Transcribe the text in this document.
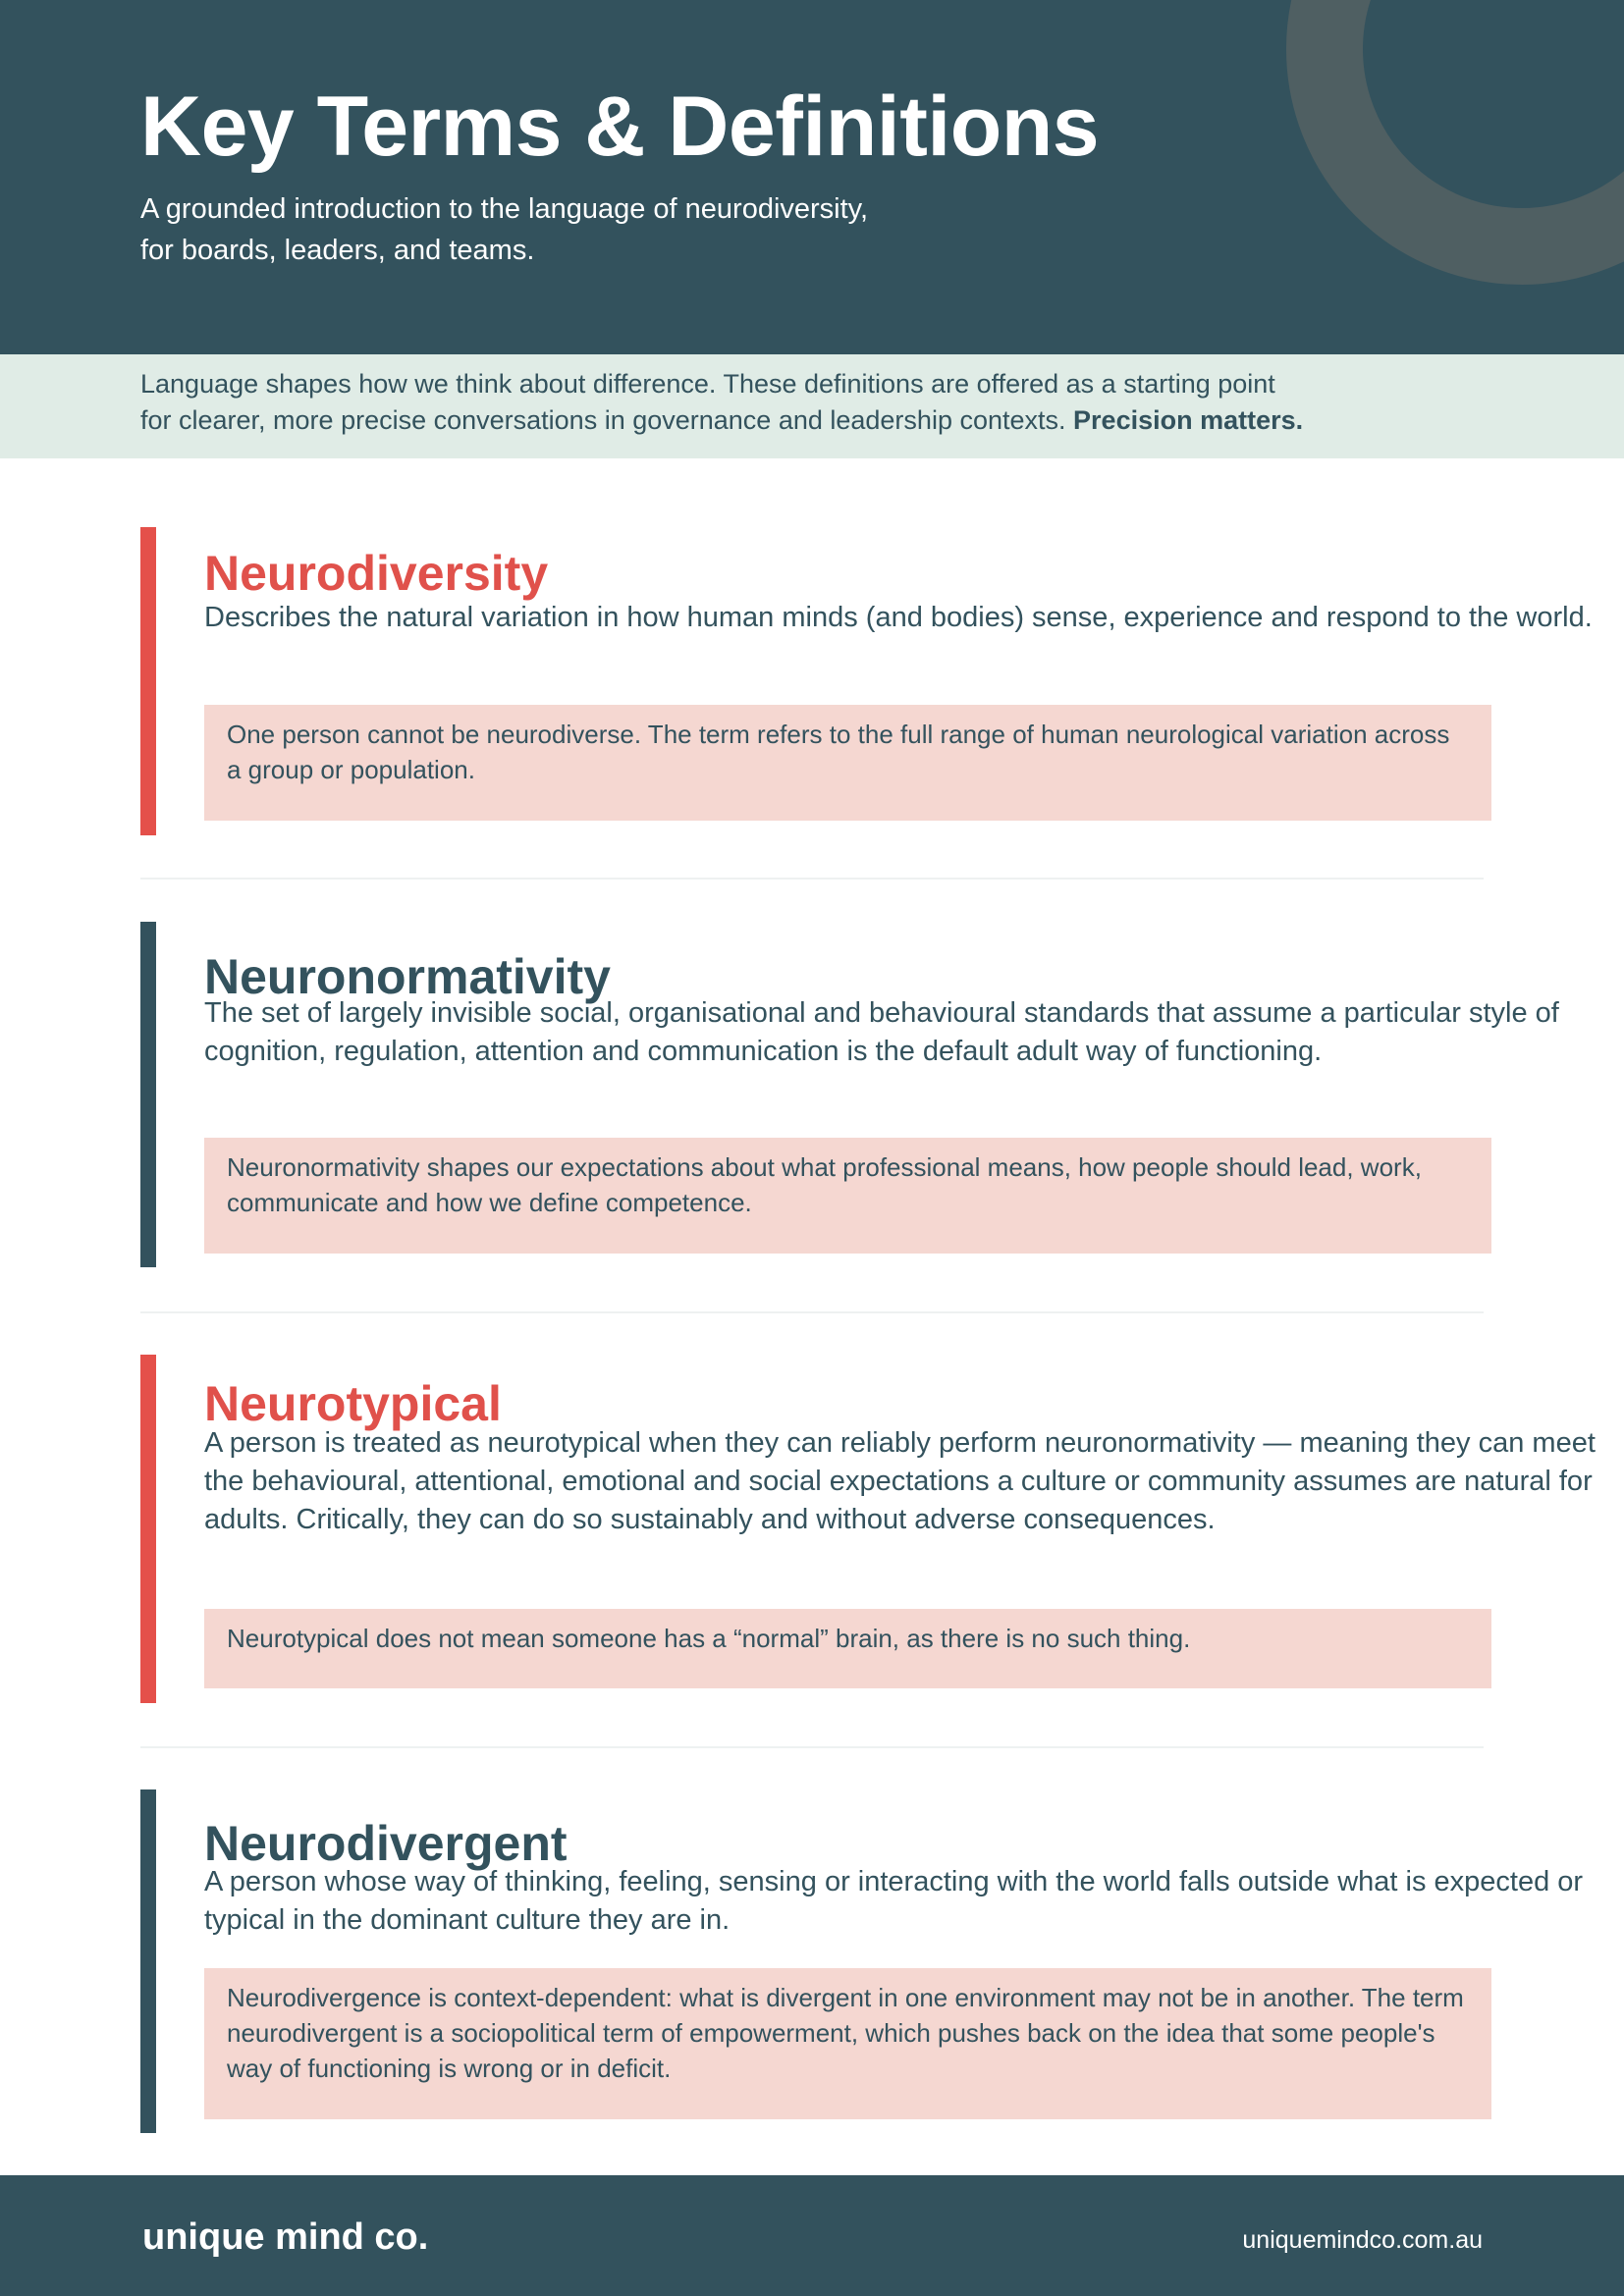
Key Terms & Definitions

A grounded introduction to the language of neurodiversity,
for boards, leaders, and teams.

Language shapes how we think about difference. These definitions are offered as a starting point
for clearer, more precise conversations in governance and leadership contexts. Precision matters.

Neurodiversity

Describes the natural variation in how human minds (and bodies) sense, experience and respond to the world.

One person cannot be neurodiverse. The term refers to the full range of human neurological variation across a group or population.
Neuronormativity

The set of largely invisible social, organisational and behavioural standards that assume a particular style of cognition, regulation, attention and communication is the default adult way of functioning.

Neuronormativity shapes our expectations about what professional means, how people should lead, work, communicate and how we define competence.
Neurotypical

A person is treated as neurotypical when they can reliably perform neuronormativity — meaning they can meet the behavioural, attentional, emotional and social expectations a culture or community assumes are natural for adults. Critically, they can do so sustainably and without adverse consequences.

Neurotypical does not mean someone has a “normal” brain, as there is no such thing.
Neurodivergent

A person whose way of thinking, feeling, sensing or interacting with the world falls outside what is expected or typical in the dominant culture they are in.

Neurodivergence is context-dependent: what is divergent in one environment may not be in another. The term neurodivergent is a sociopolitical term of empowerment, which pushes back on the idea that some people's way of functioning is wrong or in deficit.
unique mind co.	uniquemindco.com.au
